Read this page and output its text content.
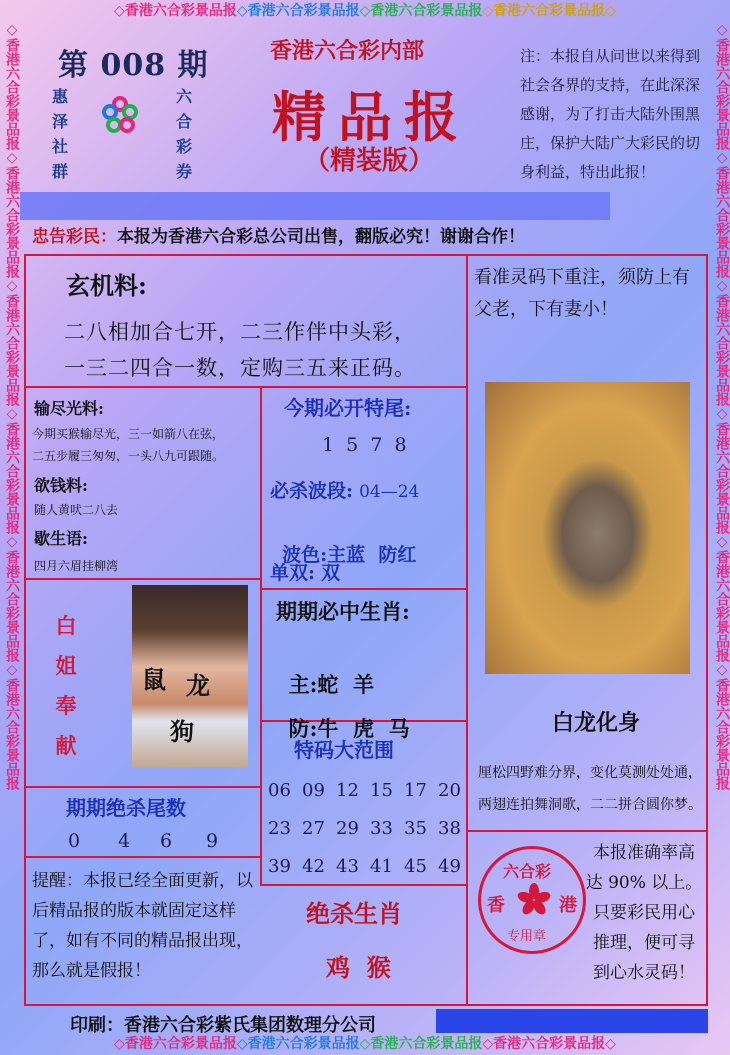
◇香港六合彩景品报◇香港六合彩景品报◇香港六合彩景品报◇香港六合彩景品报◇
◇香港六合彩景品报◇香港六合彩景品报◇香港六合彩景品报◇香港六合彩景品报◇
◇香港六合彩景品报◇香港六合彩景品报◇香港六合彩景品报◇香港六合彩景品报◇香港六合彩景品报◇香港六合彩景品报	◇香港六合彩景品报◇香港六合彩景品报◇香港六合彩景品报◇香港六合彩景品报◇香港六合彩景品报◇香港六合彩景品报
第 008 期
惠
泽
社
群
六
合
彩
券
香港六合彩内部
精品报
（精装版）
注：本报自从问世以来得到社会各界的支持，在此深深感谢，为了打击大陆外围黑庄，保护大陆广大彩民的切身利益，特出此报！
忠告彩民：本报为香港六合彩总公司出售，翻版必究！谢谢合作！
玄机料:
二八相加合七开，二三作伴中头彩，
一三二四合一数，定购三五来正码。
看准灵码下重注，须防上有父老，下有妻小！
输尽光料:
今期买猴输尽光，三一如箭八在弦，
二五步履三匆匆，一头八九可跟随。
欲钱料:
随人黄吠二八去
歇生语:
四月六眉挂柳湾
今期必开特尾:
1  5  7  8
必杀波段: 04—24

波色:主蓝  防红

单双: 双
白
姐
奉
献
鼠 龙
狗
期期必中生肖:

主:蛇  羊

防:牛  虎  马

特码大范围
06 09 12 15 17 20
23 27 29 33 35 38
39 42 43 41 45 49
期期绝杀尾数
0 4 6 9
提醒：本报已经全面更新，以后精品报的版本就固定这样了，如有不同的精品报出现，那么就是假报！
绝杀生肖
鸡  猴
白龙化身
厘松四野难分界，变化莫测处处通，
两翅连拍舞洞歌，二二拼合圆你梦。
本报准确率高
达 90% 以上。
只要彩民用心
推理，便可寻
到心水灵码！
六合彩
香	港
专用章
印刷：香港六合彩紫氏集团数理分公司
